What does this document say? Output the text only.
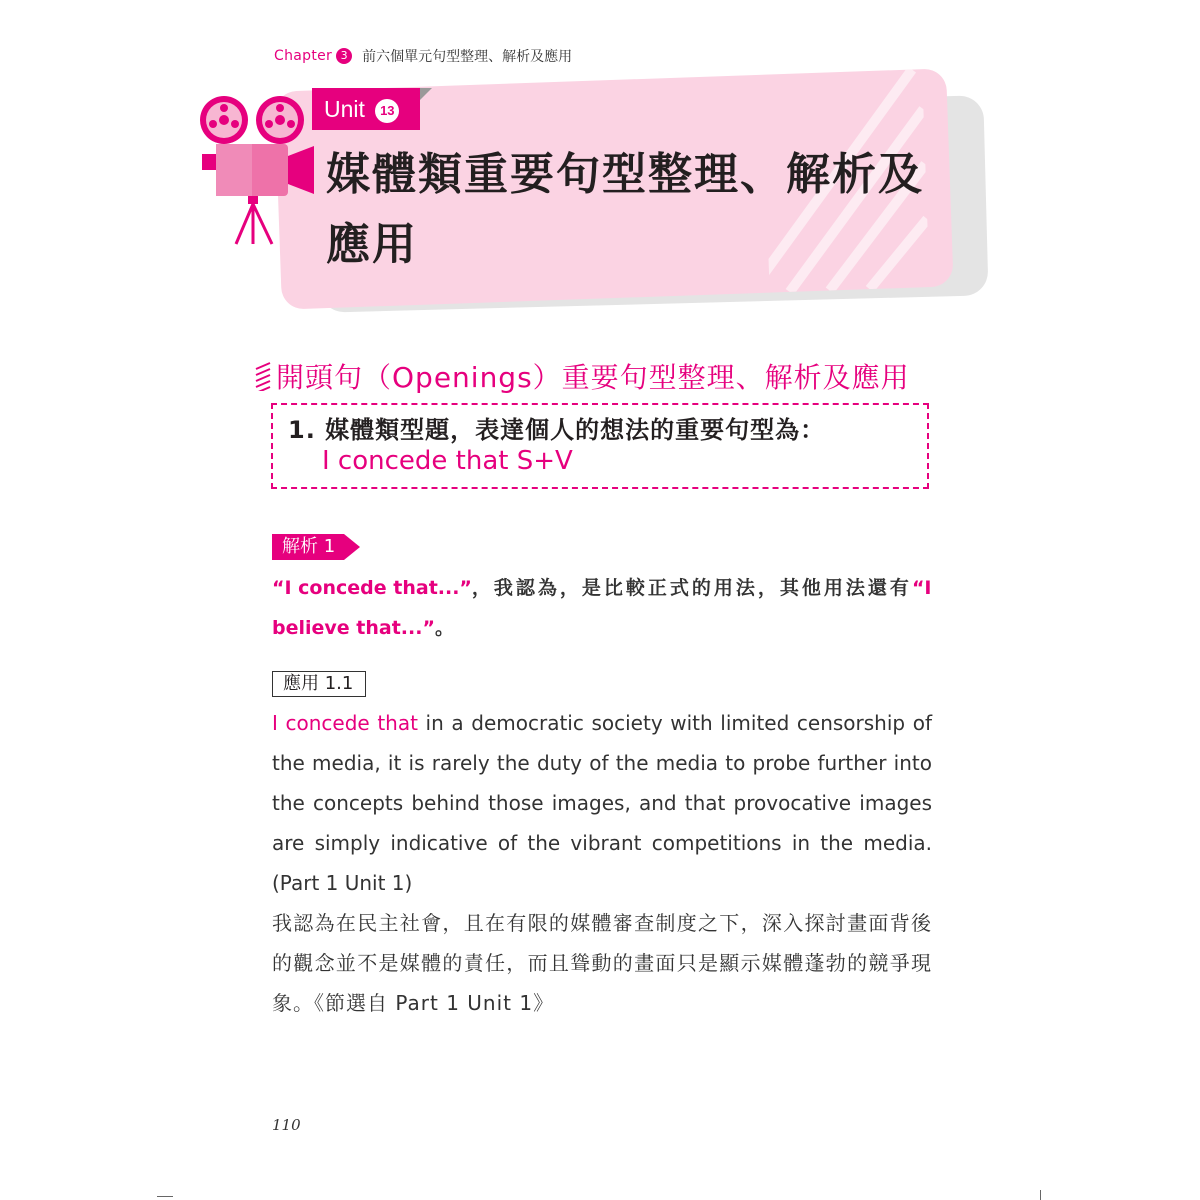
Chapter 3	前六個單元句型整理、解析及應用
Unit 13
媒體類重要句型整理、解析及
應用
開頭句（Openings）重要句型整理、解析及應用
1. 媒體類型題，表達個人的想法的重要句型為：
I concede that S+V
解析 1
“I concede that...”，我認為，是比較正式的用法，其他用法還有“I believe that...”。
應用 1.1
I concede that in a democratic society with limited censorship of the media, it is rarely the duty of the media to probe further into the concepts behind those images, and that provocative images are simply indicative of the vibrant competitions in the media. (Part 1 Unit 1)
我認為在民主社會，且在有限的媒體審查制度之下，深入探討畫面背後的觀念並不是媒體的責任，而且聳動的畫面只是顯示媒體蓬勃的競爭現象。《節選自 Part 1 Unit 1》
110
